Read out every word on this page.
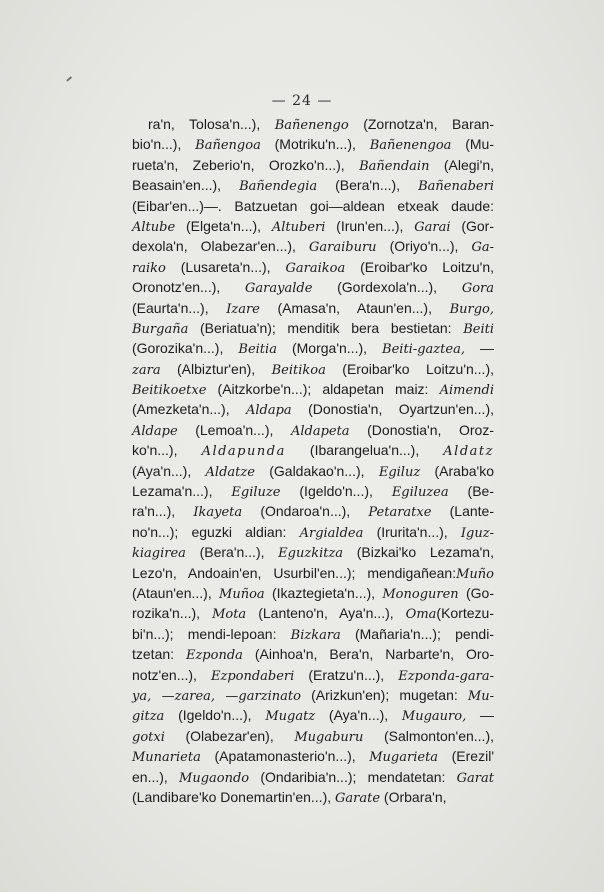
— 24 —
ra'n, Tolosa'n...), Bañenengo (Zornotza'n, Baran-
bio'n...), Bañengoa (Motriku'n...), Bañenengoa (Mu-
rueta'n, Zeberio'n, Orozko'n...), Bañendain (Alegi'n,
Beasain'en...), Bañendegia (Bera'n...), Bañenaberi
(Eibar'en...)—. Batzuetan goi—aldean etxeak daude:
Altube (Elgeta'n...), Altuberi (Irun'en...), Garai (Gor-
dexola'n, Olabezar'en...), Garaiburu (Oriyo'n...), Ga-
raiko (Lusareta'n...), Garaikoa (Eroibar'ko Loitzu'n,
Oronotz'en...), Garayalde (Gordexola'n...), Gora
(Eaurta'n...), Izare (Amasa'n, Ataun'en...), Burgo,
Burgaña (Beriatua'n); menditik bera bestietan: Beiti
(Gorozika'n...), Beitia (Morga'n...), Beiti-gaztea, —
zara (Albiztur'en), Beitikoa (Eroibar'ko Loitzu'n...),
Beitikoetxe (Aitzkorbe'n...); aldapetan maiz: Aimendi
(Amezketa'n...), Aldapa (Donostia'n, Oyartzun'en...),
Aldape (Lemoa'n...), Aldapeta (Donostia'n, Oroz-
ko'n...), Aldapunda (Ibarangelua'n...), Aldatz
(Aya'n...), Aldatze (Galdakao'n...), Egiluz (Araba'ko
Lezama'n...), Egiluze (Igeldo'n...), Egiluzea (Be-
ra'n...), Ikayeta (Ondaroa'n...), Petaratxe (Lante-
no'n...); eguzki aldian: Argialdea (Irurita'n...), Iguz-
kiagirea (Bera'n...), Eguzkitza (Bizkai'ko Lezama'n,
Lezo'n, Andoain'en, Usurbil'en...); mendigañean:Muño
(Ataun'en...), Muñoa (Ikaztegieta'n...), Monoguren (Go-
rozika'n...), Mota (Lanteno'n, Aya'n...), Oma(Kortezu-
bi'n...); mendi-lepoan: Bizkara (Mañaria'n...); pendi-
tzetan: Ezponda (Ainhoa'n, Bera'n, Narbarte'n, Oro-
notz'en...), Ezpondaberi (Eratzu'n...), Ezponda-gara-
ya, —zarea, —garzinato (Arizkun'en); mugetan: Mu-
gitza (Igeldo'n...), Mugatz (Aya'n...), Mugauro, —
gotxi (Olabezar'en), Mugaburu (Salmonton'en...),
Munarieta (Apatamonasterio'n...), Mugarieta (Erezil'
en...), Mugaondo (Ondaribia'n...); mendatetan: Garat
(Landibare'ko Donemartin'en...), Garate (Orbara'n,
